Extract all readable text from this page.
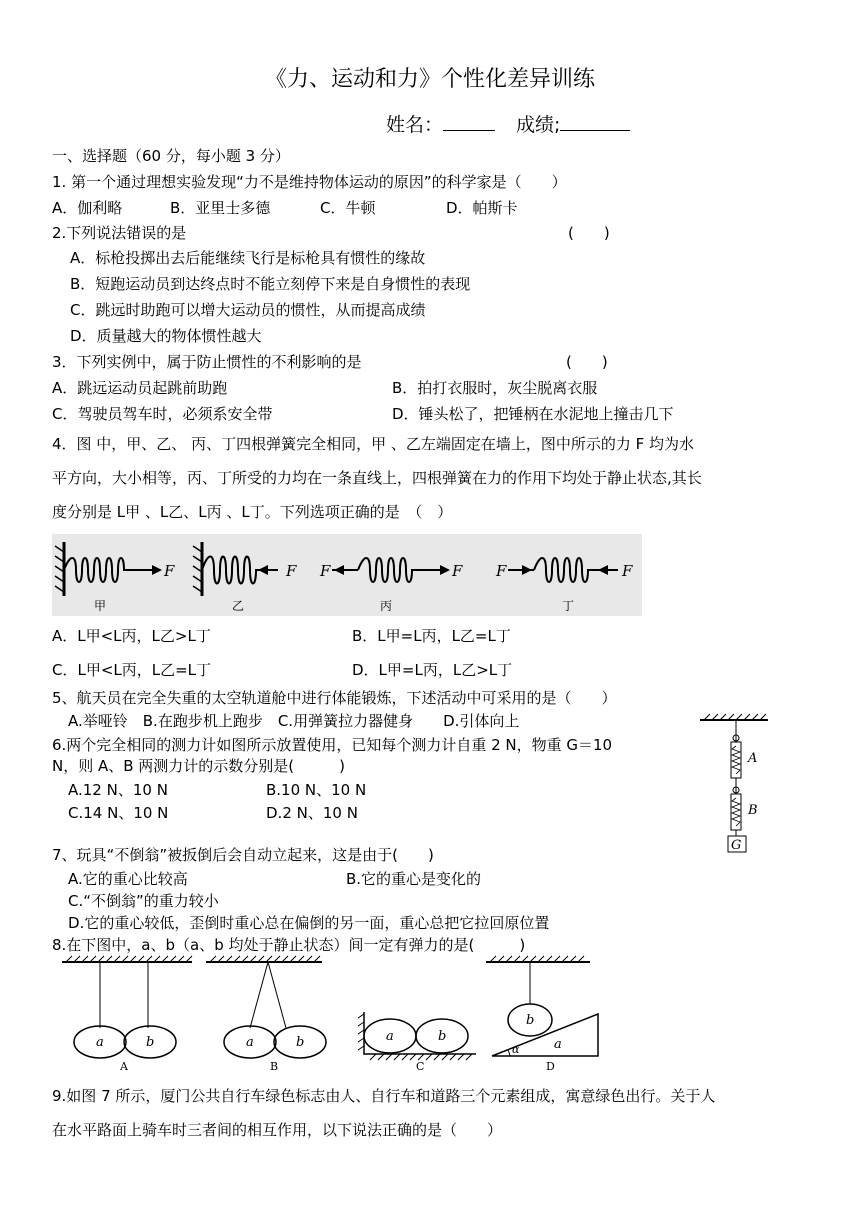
《力、运动和力》个性化差异训练
姓名：	成绩;
一、选择题（60 分，每小题 3 分）
1. 第一个通过理想实验发现“力不是维持物体运动的原因”的科学家是（　　）
A．伽利略	B．亚里士多德	C．牛顿	D．帕斯卡
2.下列说法错误的是	(　　)
A．标枪投掷出去后能继续飞行是标枪具有惯性的缘故
B．短跑运动员到达终点时不能立刻停下来是自身惯性的表现
C．跳远时助跑可以增大运动员的惯性，从而提高成绩
D．质量越大的物体惯性越大
3．下列实例中，属于防止惯性的不利影响的是	(　　)
A．跳远运动员起跳前助跑	B．拍打衣服时，灰尘脱离衣服
C．驾驶员驾车时，必须系安全带	D．锤头松了，把锤柄在水泥地上撞击几下
4．图 中，甲、乙、 丙、丁四根弹簧完全相同，甲 、乙左端固定在墙上，图中所示的力 F 均为水
平方向，大小相等，丙、丁所受的力均在一条直线上，四根弹簧在力的作用下均处于静止状态,其长
度分别是 L甲 、L乙、L丙 、L丁。下列选项正确的是　（　）
F
甲
F
乙
F	F
丙
F	F
丁
A．L甲<L丙，L乙>L丁	B．L甲=L丙，L乙=L丁
C．L甲<L丙，L乙=L丁	D．L甲=L丙，L乙>L丁
5、航天员在完全失重的太空轨道舱中进行体能锻炼，下述活动中可采用的是（　　）
A.举哑铃　B.在跑步机上跑步　C.用弹簧拉力器健身　　D.引体向上
6.两个完全相同的测力计如图所示放置使用，已知每个测力计自重 2 N，物重 G＝10
N，则 A、B 两测力计的示数分别是(　　　)
A.12 N、10 N	B.10 N、10 N
C.14 N、10 N	D.2 N、10 N
A
B
G
7、玩具“不倒翁”被扳倒后会自动立起来，这是由于(　　)
A.它的重心比较高	B.它的重心是变化的
C.“不倒翁”的重力较小
D.它的重心较低，歪倒时重心总在偏倒的另一面，重心总把它拉回原位置
8.在下图中，a、b（a、b 均处于静止状态）间一定有弹力的是(　　　)
a	b
A
a	b
B
a	b
C
b
a
α
D
9.如图 7 所示，厦门公共自行车绿色标志由人、自行车和道路三个元素组成，寓意绿色出行。关于人
在水平路面上骑车时三者间的相互作用，以下说法正确的是（　　）
